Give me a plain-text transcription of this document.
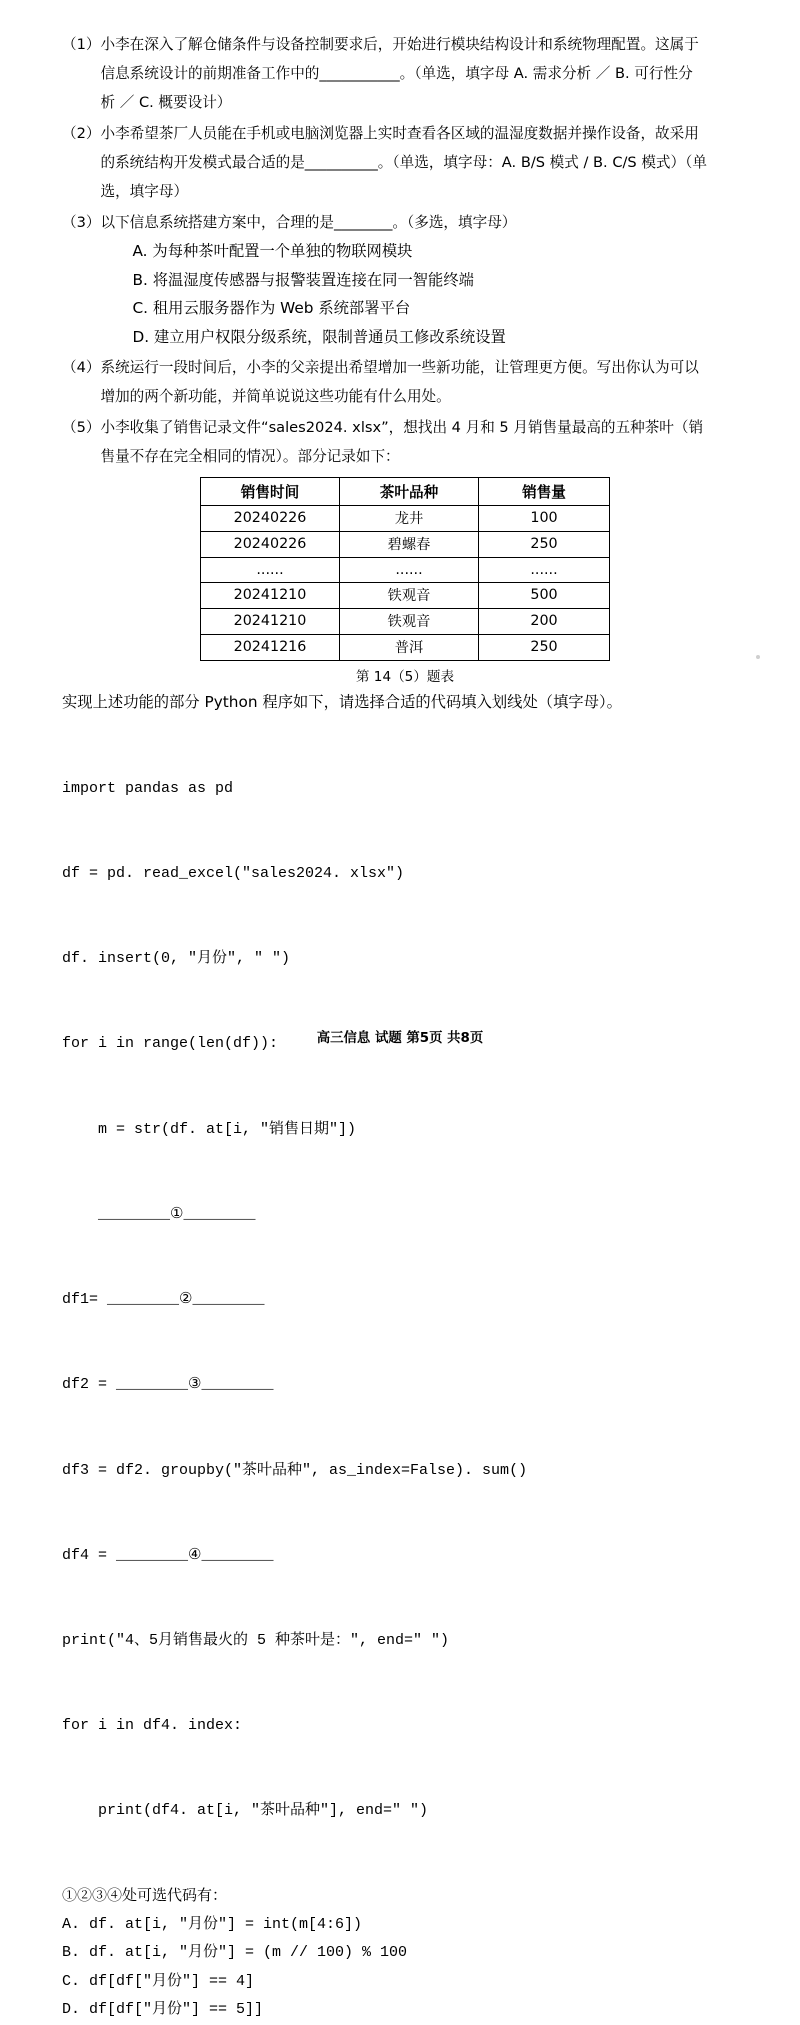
（1） 小李在深入了解仓储条件与设备控制要求后，开始进行模块结构设计和系统物理配置。这属于
信息系统设计的前期准备工作中的___________。（单选，填字母 A. 需求分析 ／ B. 可行性分
析 ／ C. 概要设计）
（2） 小李希望茶厂人员能在手机或电脑浏览器上实时查看各区域的温湿度数据并操作设备，故采用
的系统结构开发模式最合适的是__________。（单选，填字母：A. B/S 模式 / B. C/S 模式）（单
选，填字母）
（3） 以下信息系统搭建方案中，合理的是________。（多选，填字母）
A. 为每种茶叶配置一个单独的物联网模块
B. 将温湿度传感器与报警装置连接在同一智能终端
C. 租用云服务器作为 Web 系统部署平台
D. 建立用户权限分级系统，限制普通员工修改系统设置
（4） 系统运行一段时间后，小李的父亲提出希望增加一些新功能，让管理更方便。写出你认为可以
增加的两个新功能，并简单说说这些功能有什么用处。
（5） 小李收集了销售记录文件“sales2024. xlsx”，想找出 4 月和 5 月销售量最高的五种茶叶（销
售量不存在完全相同的情况）。部分记录如下：
销售时间	茶叶品种	销售量
20240226	龙井	100
20240226	碧螺春	250
......	......	......
20241210	铁观音	500
20241210	铁观音	200
20241216	普洱	250
第 14（5）题表
实现上述功能的部分 Python 程序如下，请选择合适的代码填入划线处（填字母）。

import pandas as pd

df = pd. read_excel("sales2024. xlsx")

df. insert(0, "月份", " ")

for i in range(len(df)):

m = str(df. at[i, "销售日期"])

________①________

df1= ________②________

df2 = ________③________

df3 = df2. groupby("茶叶品种", as_index=False). sum()

df4 = ________④________

print("4、5月销售最火的 5 种茶叶是：", end=" ")

for i in df4. index:

print(df4. at[i, "茶叶品种"], end=" ")

①②③④处可选代码有：
A. df. at[i, "月份"] = int(m[4:6])
B. df. at[i, "月份"] = (m // 100) % 100
C. df[df["月份"] == 4]
D. df[df["月份"] == 5]]
高三信息 试题 第5页 共8页
